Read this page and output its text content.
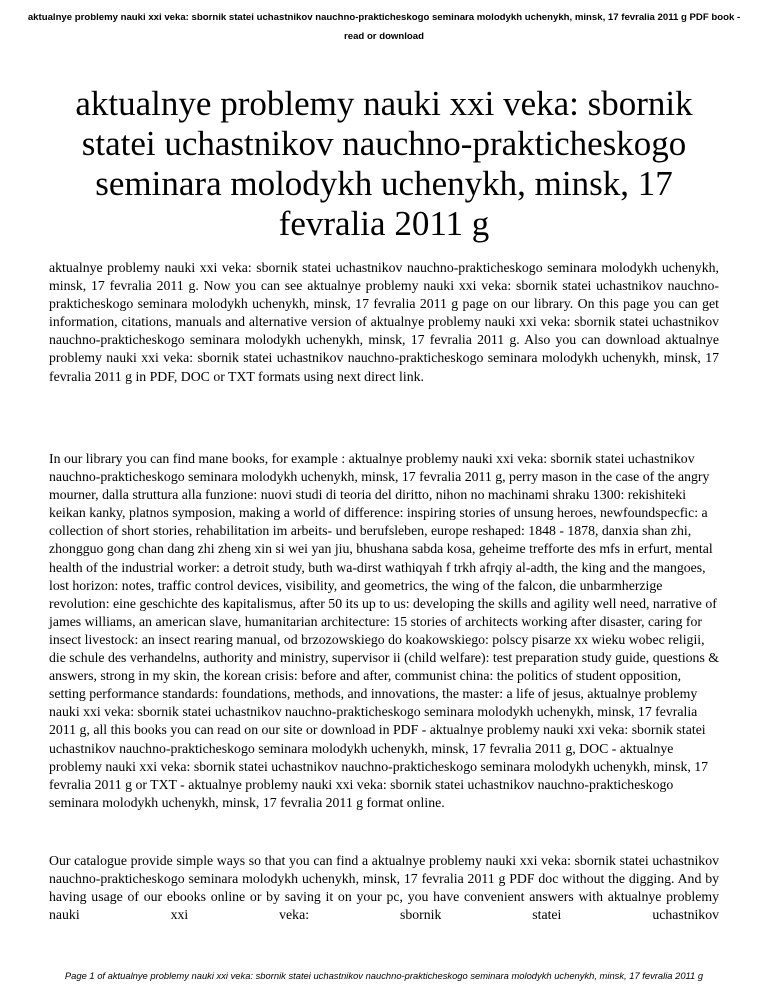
aktualnye problemy nauki xxi veka: sbornik statei uchastnikov nauchno-prakticheskogo seminara molodykh uchenykh, minsk, 17 fevralia 2011 g PDF book - read or download
aktualnye problemy nauki xxi veka: sbornik statei uchastnikov nauchno-prakticheskogo seminara molodykh uchenykh, minsk, 17 fevralia 2011 g

aktualnye problemy nauki xxi veka: sbornik statei uchastnikov nauchno-prakticheskogo seminara molodykh uchenykh, minsk, 17 fevralia 2011 g. Now you can see aktualnye problemy nauki xxi veka: sbornik statei uchastnikov nauchno-prakticheskogo seminara molodykh uchenykh, minsk, 17 fevralia 2011 g page on our library. On this page you can get information, citations, manuals and alternative version of aktualnye problemy nauki xxi veka: sbornik statei uchastnikov nauchno-prakticheskogo seminara molodykh uchenykh, minsk, 17 fevralia 2011 g. Also you can download aktualnye problemy nauki xxi veka: sbornik statei uchastnikov nauchno-prakticheskogo seminara molodykh uchenykh, minsk, 17 fevralia 2011 g in PDF, DOC or TXT formats using next direct link.

In our library you can find mane books, for example : aktualnye problemy nauki xxi veka: sbornik statei uchastnikov nauchno-prakticheskogo seminara molodykh uchenykh, minsk, 17 fevralia 2011 g, perry mason in the case of the angry mourner, dalla struttura alla funzione: nuovi studi di teoria del diritto, nihon no machinami shraku 1300: rekishiteki keikan kanky, platnos symposion, making a world of difference: inspiring stories of unsung heroes, newfoundspecfic: a collection of short stories, rehabilitation im arbeits- und berufsleben, europe reshaped: 1848 - 1878, danxia shan zhi, zhongguo gong chan dang zhi zheng xin si wei yan jiu, bhushana sabda kosa, geheime trefforte des mfs in erfurt, mental health of the industrial worker: a detroit study, buth wa-dirst wathiqyah f trkh afrqiy al-adth, the king and the mangoes, lost horizon: notes, traffic control devices, visibility, and geometrics, the wing of the falcon, die unbarmherzige revolution: eine geschichte des kapitalismus, after 50 its up to us: developing the skills and agility well need, narrative of james williams, an american slave, humanitarian architecture: 15 stories of architects working after disaster, caring for insect livestock: an insect rearing manual, od brzozowskiego do koakowskiego: polscy pisarze xx wieku wobec religii, die schule des verhandelns, authority and ministry, supervisor ii (child welfare): test preparation study guide, questions & answers, strong in my skin, the korean crisis: before and after, communist china: the politics of student opposition, setting performance standards: foundations, methods, and innovations, the master: a life of jesus, aktualnye problemy nauki xxi veka: sbornik statei uchastnikov nauchno-prakticheskogo seminara molodykh uchenykh, minsk, 17 fevralia 2011 g, all this books you can read on our site or download in PDF - aktualnye problemy nauki xxi veka: sbornik statei uchastnikov nauchno-prakticheskogo seminara molodykh uchenykh, minsk, 17 fevralia 2011 g, DOC - aktualnye problemy nauki xxi veka: sbornik statei uchastnikov nauchno-prakticheskogo seminara molodykh uchenykh, minsk, 17 fevralia 2011 g or TXT - aktualnye problemy nauki xxi veka: sbornik statei uchastnikov nauchno-prakticheskogo seminara molodykh uchenykh, minsk, 17 fevralia 2011 g format online.

Our catalogue provide simple ways so that you can find a aktualnye problemy nauki xxi veka: sbornik statei uchastnikov nauchno-prakticheskogo seminara molodykh uchenykh, minsk, 17 fevralia 2011 g PDF doc without the digging. And by having usage of our ebooks online or by saving it on your pc, you have convenient answers with aktualnye problemy nauki xxi veka: sbornik statei uchastnikov

Page 1 of aktualnye problemy nauki xxi veka: sbornik statei uchastnikov nauchno-prakticheskogo seminara molodykh uchenykh, minsk, 17 fevralia 2011 g
